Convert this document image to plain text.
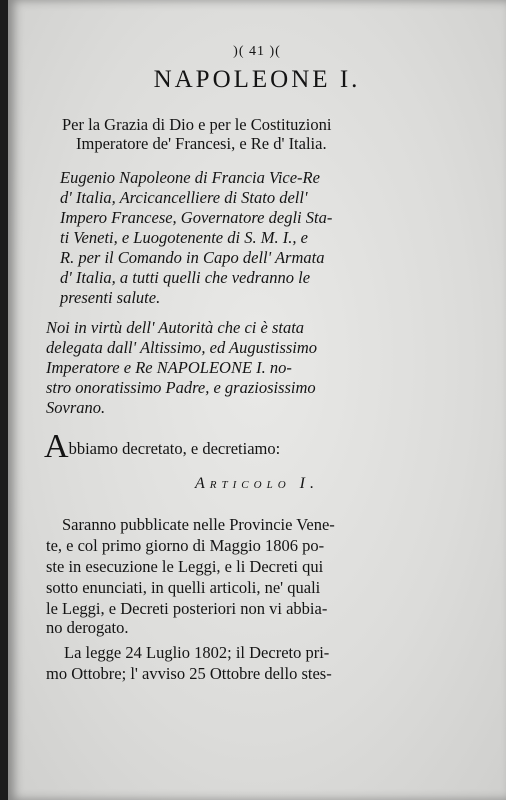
)( 41 )(
NAPOLEONE I.
Per la Grazia di Dio e per le Costituzioni
Imperatore de' Francesi, e Re d' Italia.
Eugenio Napoleone di Francia Vice-Re
d' Italia, Arcicancelliere di Stato dell'
Impero Francese, Governatore degli Sta-
ti Veneti, e Luogotenente di S. M. I., e
R. per il Comando in Capo dell' Armata
d' Italia, a tutti quelli che vedranno le
presenti salute.
Noi in virtù dell' Autorità che ci è stata
delegata dall' Altissimo, ed Augustissimo
Imperatore e Re NAPOLEONE I. no-
stro onoratissimo Padre, e graziosissimo
Sovrano.
Abbiamo decretato, e decretiamo:
Articolo I.
Saranno pubblicate nelle Provincie Vene-
te, e col primo giorno di Maggio 1806 po-
ste in esecuzione le Leggi, e li Decreti qui
sotto enunciati, in quelli articoli, ne' quali
le Leggi, e Decreti posteriori non vi abbia-
no derogato.
La legge 24 Luglio 1802; il Decreto pri-
mo Ottobre; l' avviso 25 Ottobre dello stes-
